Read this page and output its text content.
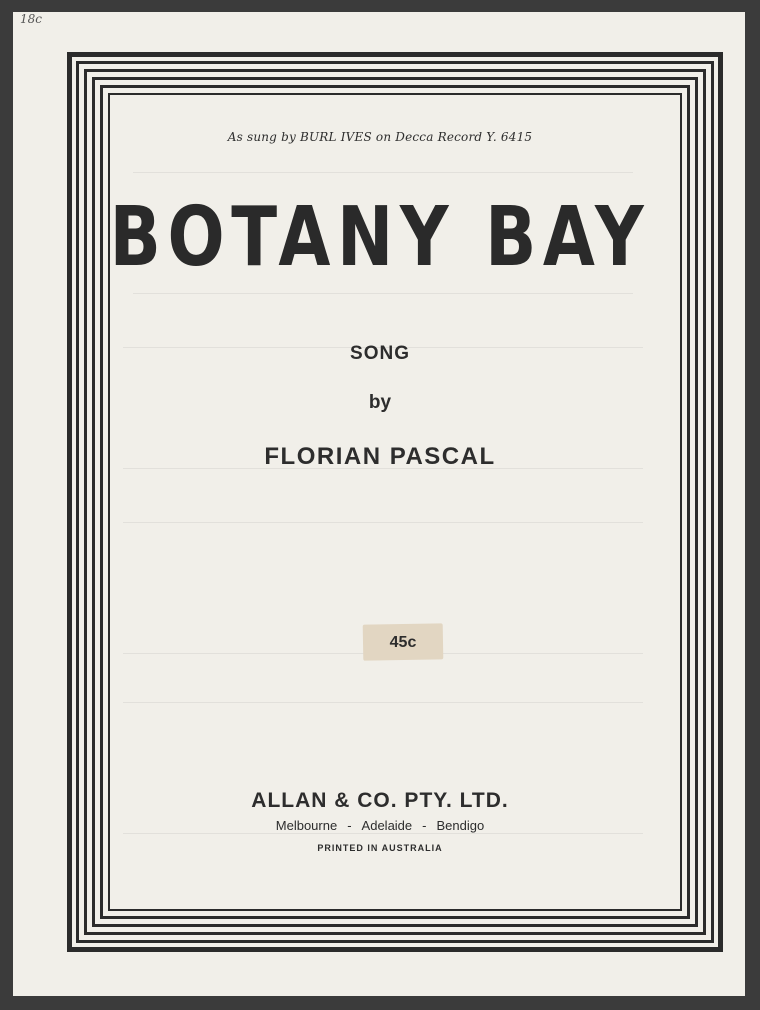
18c
As sung by BURL IVES on Decca Record Y. 6415
BOTANY BAY
SONG
by
FLORIAN PASCAL
45c
ALLAN & CO. PTY. LTD.
Melbourne - Adelaide - Bendigo
PRINTED IN AUSTRALIA
